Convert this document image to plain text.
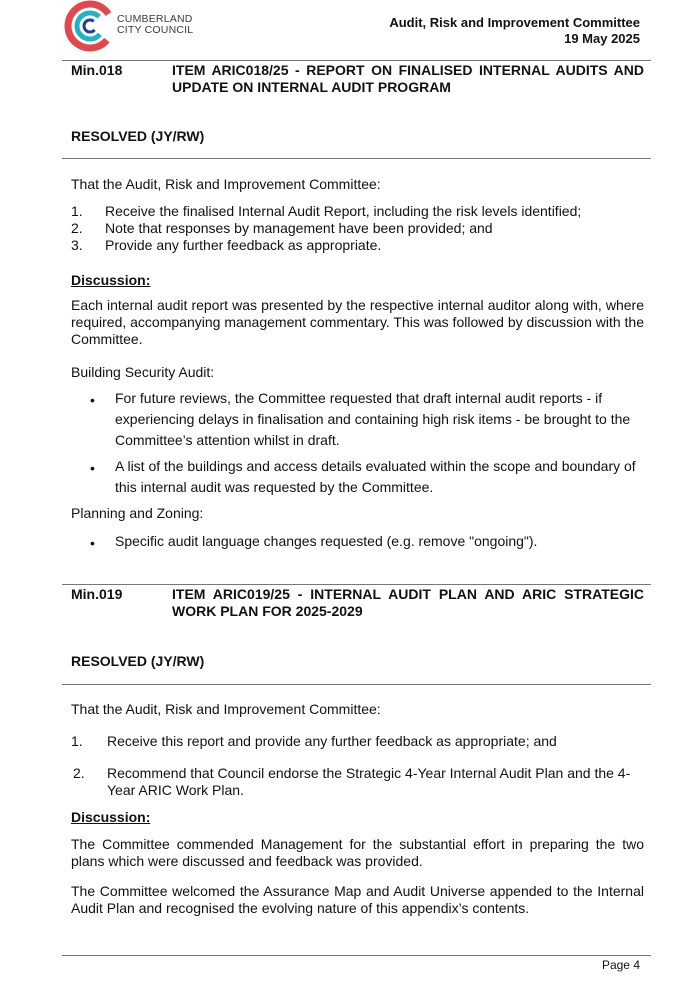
CUMBERLAND
CITY COUNCIL	Audit, Risk and Improvement Committee
19 May 2025
Min.018	ITEM ARIC018/25 - REPORT ON FINALISED INTERNAL AUDITS AND UPDATE ON INTERNAL AUDIT PROGRAM
RESOLVED (JY/RW)
That the Audit, Risk and Improvement Committee:
1. Receive the finalised Internal Audit Report, including the risk levels identified;
2. Note that responses by management have been provided; and
3. Provide any further feedback as appropriate.
Discussion:
Each internal audit report was presented by the respective internal auditor along with, where required, accompanying management commentary. This was followed by discussion with the Committee.
Building Security Audit:
• For future reviews, the Committee requested that draft internal audit reports - if experiencing delays in finalisation and containing high risk items - be brought to the Committee’s attention whilst in draft.
• A list of the buildings and access details evaluated within the scope and boundary of this internal audit was requested by the Committee.
Planning and Zoning:
• Specific audit language changes requested (e.g. remove "ongoing").
Min.019	ITEM ARIC019/25 - INTERNAL AUDIT PLAN AND ARIC STRATEGIC WORK PLAN FOR 2025-2029
RESOLVED (JY/RW)
That the Audit, Risk and Improvement Committee:
1. Receive this report and provide any further feedback as appropriate; and
2. Recommend that Council endorse the Strategic 4-Year Internal Audit Plan and the 4-Year ARIC Work Plan.
Discussion:
The Committee commended Management for the substantial effort in preparing the two plans which were discussed and feedback was provided.
The Committee welcomed the Assurance Map and Audit Universe appended to the Internal Audit Plan and recognised the evolving nature of this appendix’s contents.
Page 4
